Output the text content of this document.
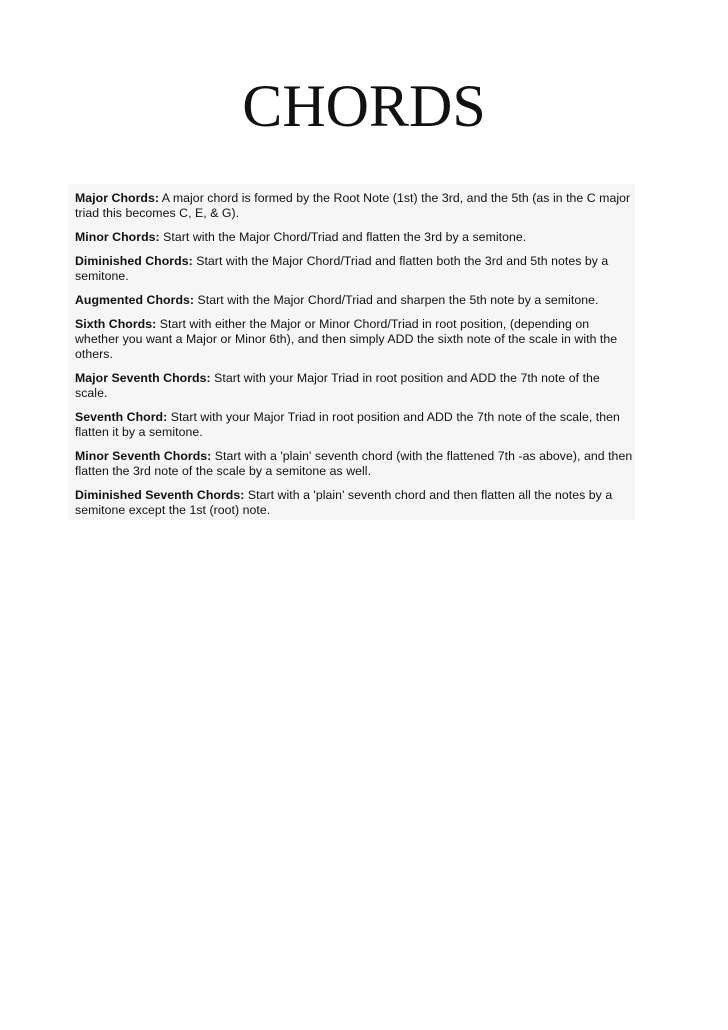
CHORDS

Major Chords: A major chord is formed by the Root Note (1st) the 3rd, and the 5th (as in the C major triad this becomes C, E, & G).

Minor Chords: Start with the Major Chord/Triad and flatten the 3rd by a semitone.

Diminished Chords: Start with the Major Chord/Triad and flatten both the 3rd and 5th notes by a semitone.

Augmented Chords: Start with the Major Chord/Triad and sharpen the 5th note by a semitone.

Sixth Chords: Start with either the Major or Minor Chord/Triad in root position, (depending on whether you want a Major or Minor 6th), and then simply ADD the sixth note of the scale in with the others.

Major Seventh Chords: Start with your Major Triad in root position and ADD the 7th note of the scale.

Seventh Chord: Start with your Major Triad in root position and ADD the 7th note of the scale, then flatten it by a semitone.

Minor Seventh Chords: Start with a 'plain' seventh chord (with the flattened 7th -as above), and then flatten the 3rd note of the scale by a semitone as well.

Diminished Seventh Chords: Start with a 'plain' seventh chord and then flatten all the notes by a semitone except the 1st (root) note.
